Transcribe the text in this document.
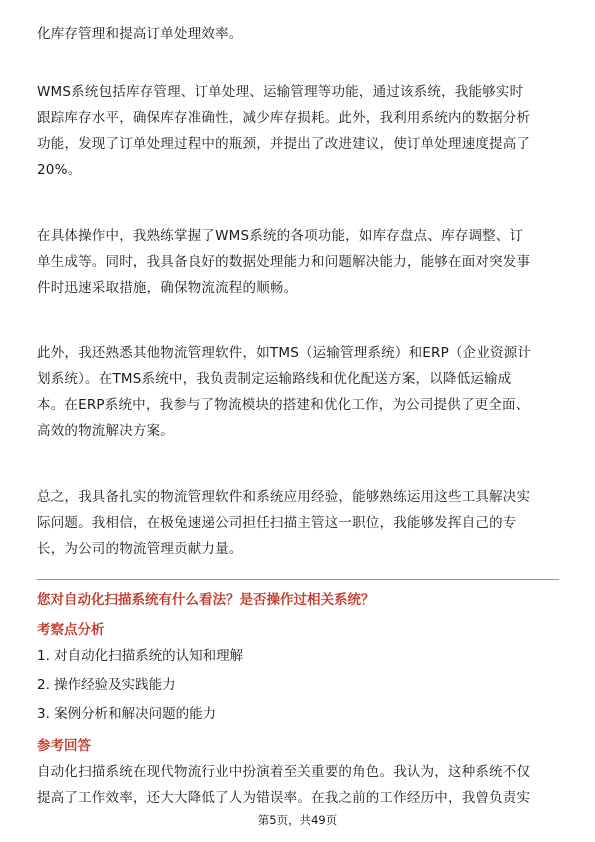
化库存管理和提高订单处理效率。
WMS系统包括库存管理、订单处理、运输管理等功能，通过该系统，我能够实时
跟踪库存水平，确保库存准确性，减少库存损耗。此外，我利用系统内的数据分析
功能，发现了订单处理过程中的瓶颈，并提出了改进建议，使订单处理速度提高了
20%。
在具体操作中，我熟练掌握了WMS系统的各项功能，如库存盘点、库存调整、订
单生成等。同时，我具备良好的数据处理能力和问题解决能力，能够在面对突发事
件时迅速采取措施，确保物流流程的顺畅。
此外，我还熟悉其他物流管理软件，如TMS（运输管理系统）和ERP（企业资源计
划系统）。在TMS系统中，我负责制定运输路线和优化配送方案，以降低运输成
本。在ERP系统中，我参与了物流模块的搭建和优化工作，为公司提供了更全面、
高效的物流解决方案。
总之，我具备扎实的物流管理软件和系统应用经验，能够熟练运用这些工具解决实
际问题。我相信，在极兔速递公司担任扫描主管这一职位，我能够发挥自己的专
长，为公司的物流管理贡献力量。
您对自动化扫描系统有什么看法？是否操作过相关系统？
考察点分析
1. 对自动化扫描系统的认知和理解
2. 操作经验及实践能力
3. 案例分析和解决问题的能力
参考回答
自动化扫描系统在现代物流行业中扮演着至关重要的角色。我认为，这种系统不仅
提高了工作效率，还大大降低了人为错误率。在我之前的工作经历中，我曾负责实
第5页，共49页
